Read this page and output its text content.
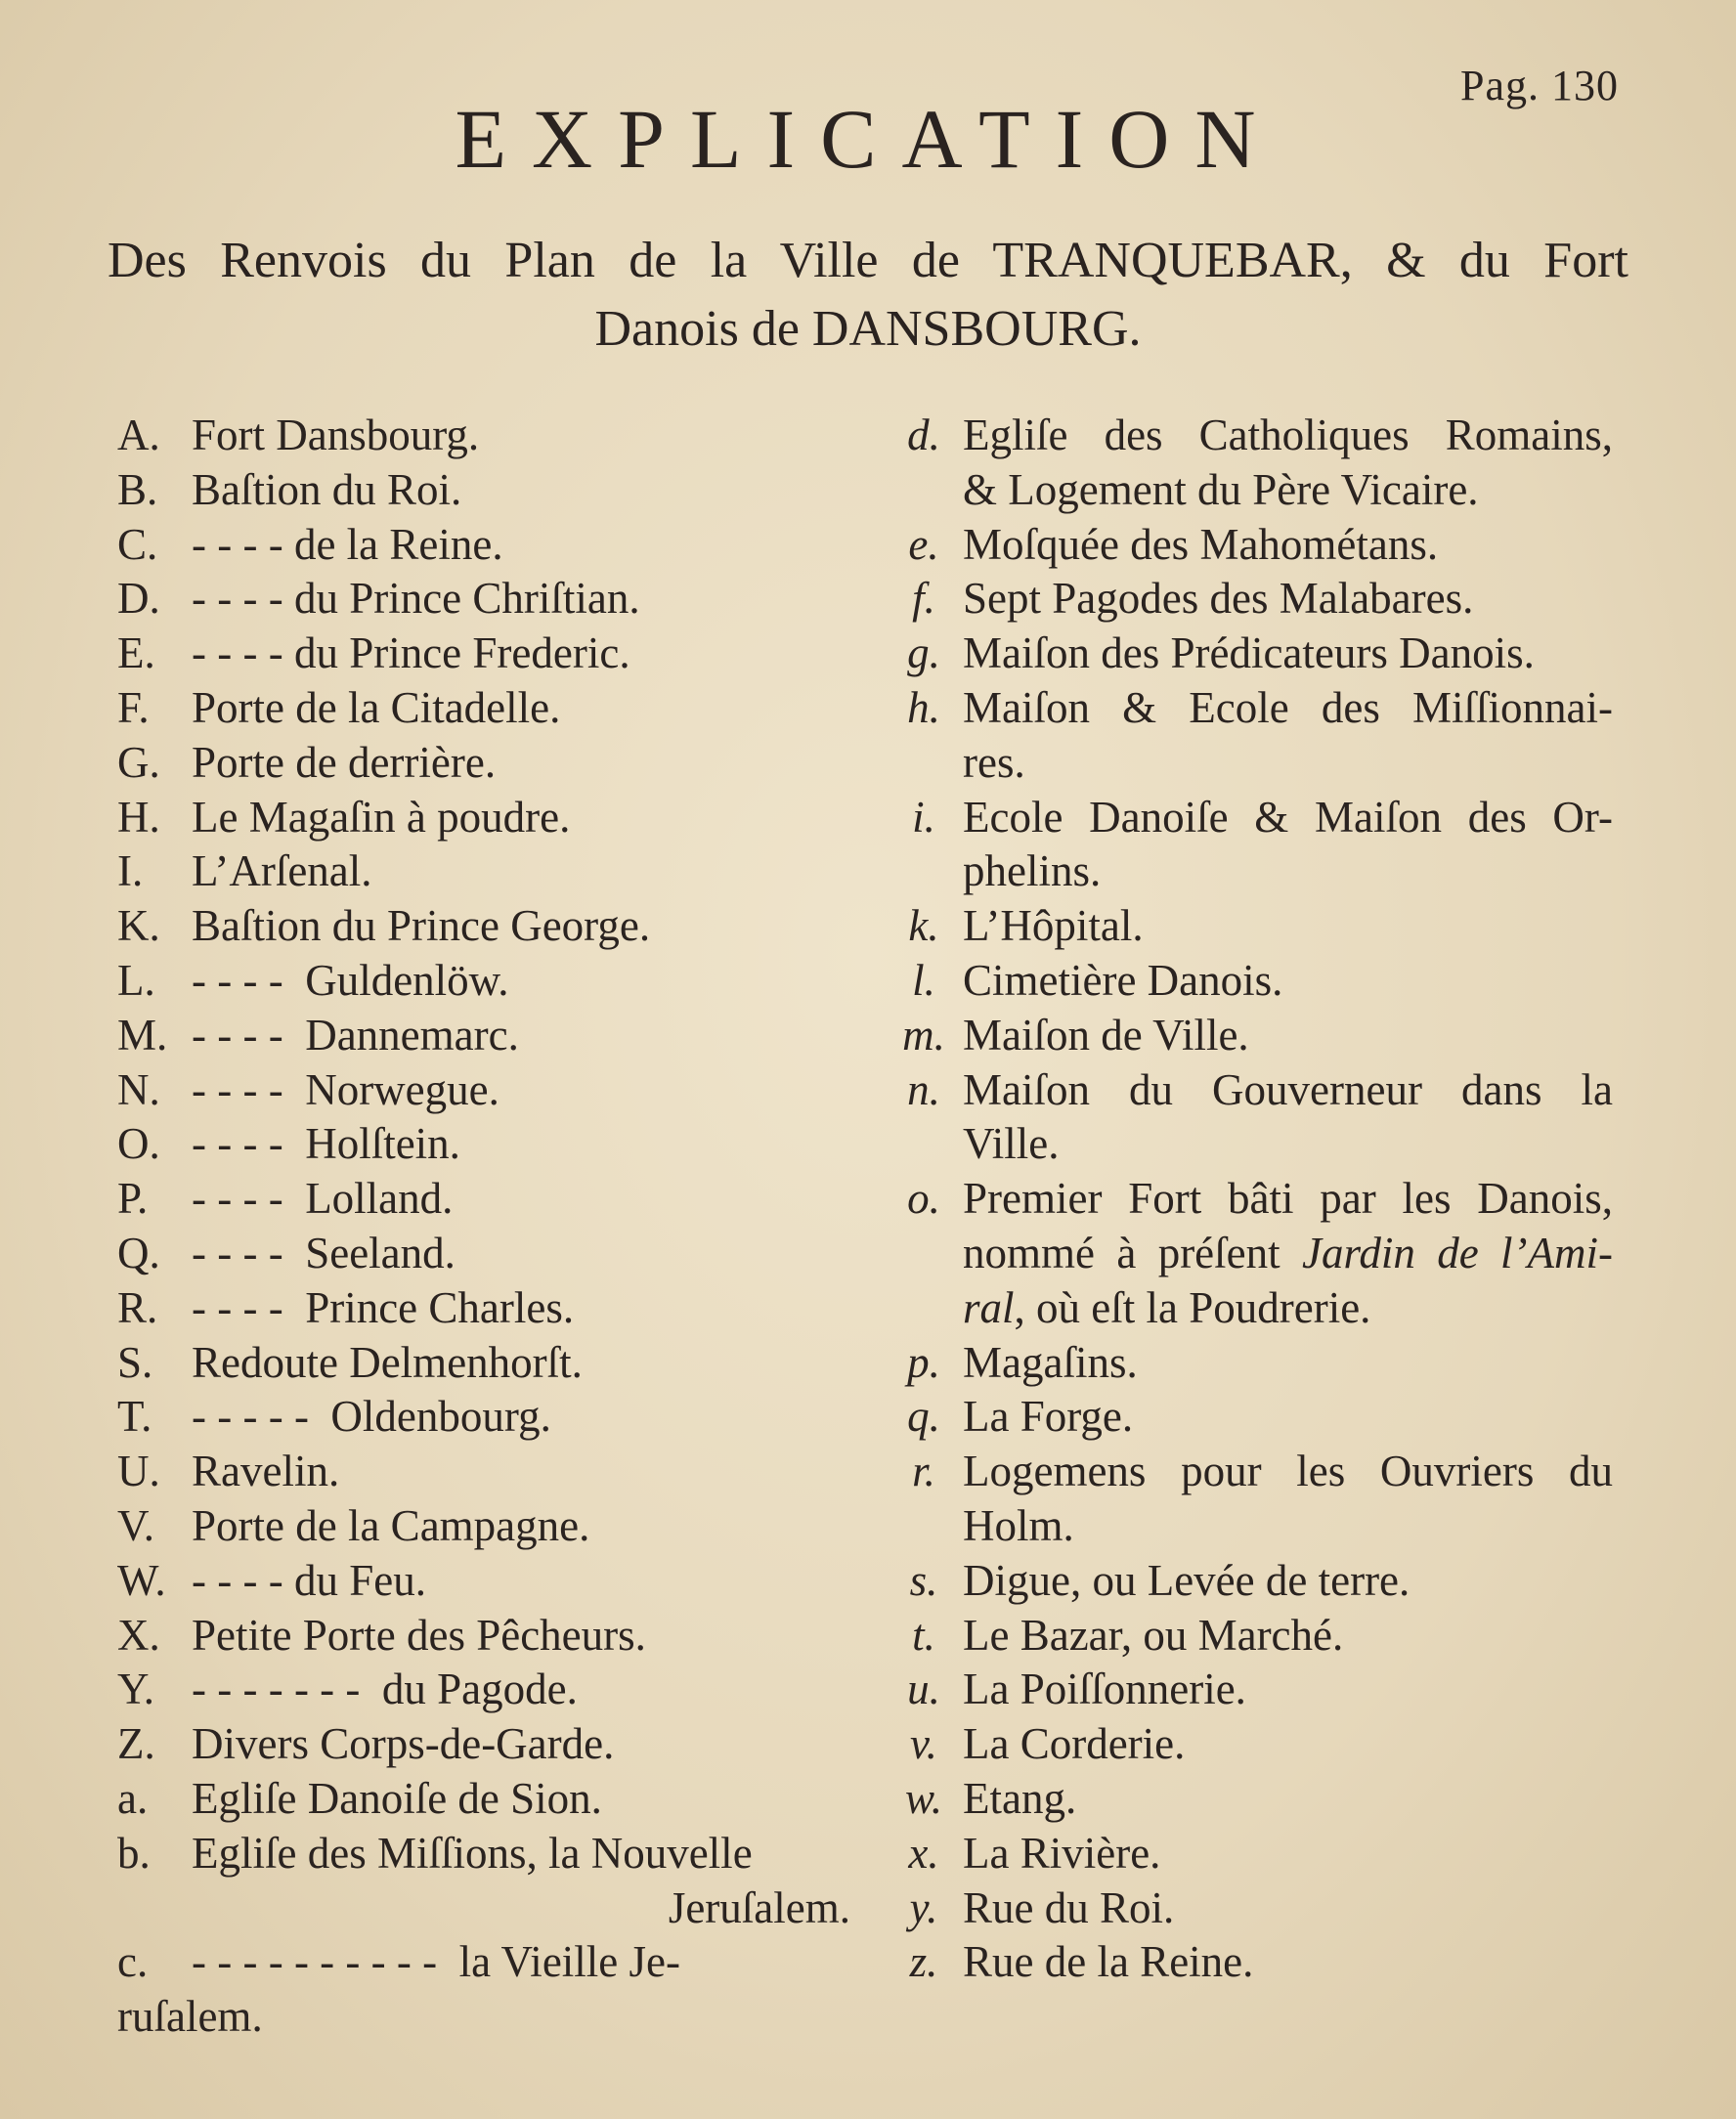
Pag. 130
EXPLICATION
Des Renvois du Plan de la Ville de TRANQUEBAR, & du Fort
Danois de DANSBOURG.
A. Fort Dansbourg.
B. Baſtion du Roi.
C. - - - - de la Reine.
D. - - - - du Prince Chriſtian.
E. - - - - du Prince Frederic.
F. Porte de la Citadelle.
G. Porte de derrière.
H. Le Magaſin à poudre.
I.	L’Arſenal.
K. Baſtion du Prince George.
L. - - - -  Guldenlöw.
M. - - - -  Dannemarc.
N. - - - -  Norwegue.
O. - - - -  Holſtein.
P. - - - -  Lolland.
Q. - - - -  Seeland.
R. - - - -  Prince Charles.
S. Redoute Delmenhorſt.
T. - - - - -  Oldenbourg.
U. Ravelin.
V. Porte de la Campagne.
W. - - - - du Feu.
X. Petite Porte des Pêcheurs.
Y. - - - - - - -  du Pagode.
Z. Divers Corps-de-Garde.
a. Egliſe Danoiſe de Sion.
b. Egliſe des Miſſions, la Nouvelle
Jeruſalem.
c. - - - - - - - - - -  la Vieille Je-
ruſalem.
d. Egliſe des Catholiques Romains,
& Logement du Père Vicaire.
e. Moſquée des Mahométans.
f. Sept Pagodes des Malabares.
g. Maiſon des Prédicateurs Danois.
h. Maiſon & Ecole des Miſſionnai-
res.
i. Ecole Danoiſe & Maiſon des Or-
phelins.
k. L’Hôpital.
l. Cimetière Danois.
m. Maiſon de Ville.
n. Maiſon du Gouverneur dans la
Ville.
o. Premier Fort bâti par les Danois,
nommé à préſent Jardin de l’Ami-
ral, où eſt la Poudrerie.
p. Magaſins.
q. La Forge.
r. Logemens pour les Ouvriers du
Holm.
s. Digue, ou Levée de terre.
t. Le Bazar, ou Marché.
u. La Poiſſonnerie.
v. La Corderie.
w. Etang.
x. La Rivière.
y. Rue du Roi.
z. Rue de la Reine.
